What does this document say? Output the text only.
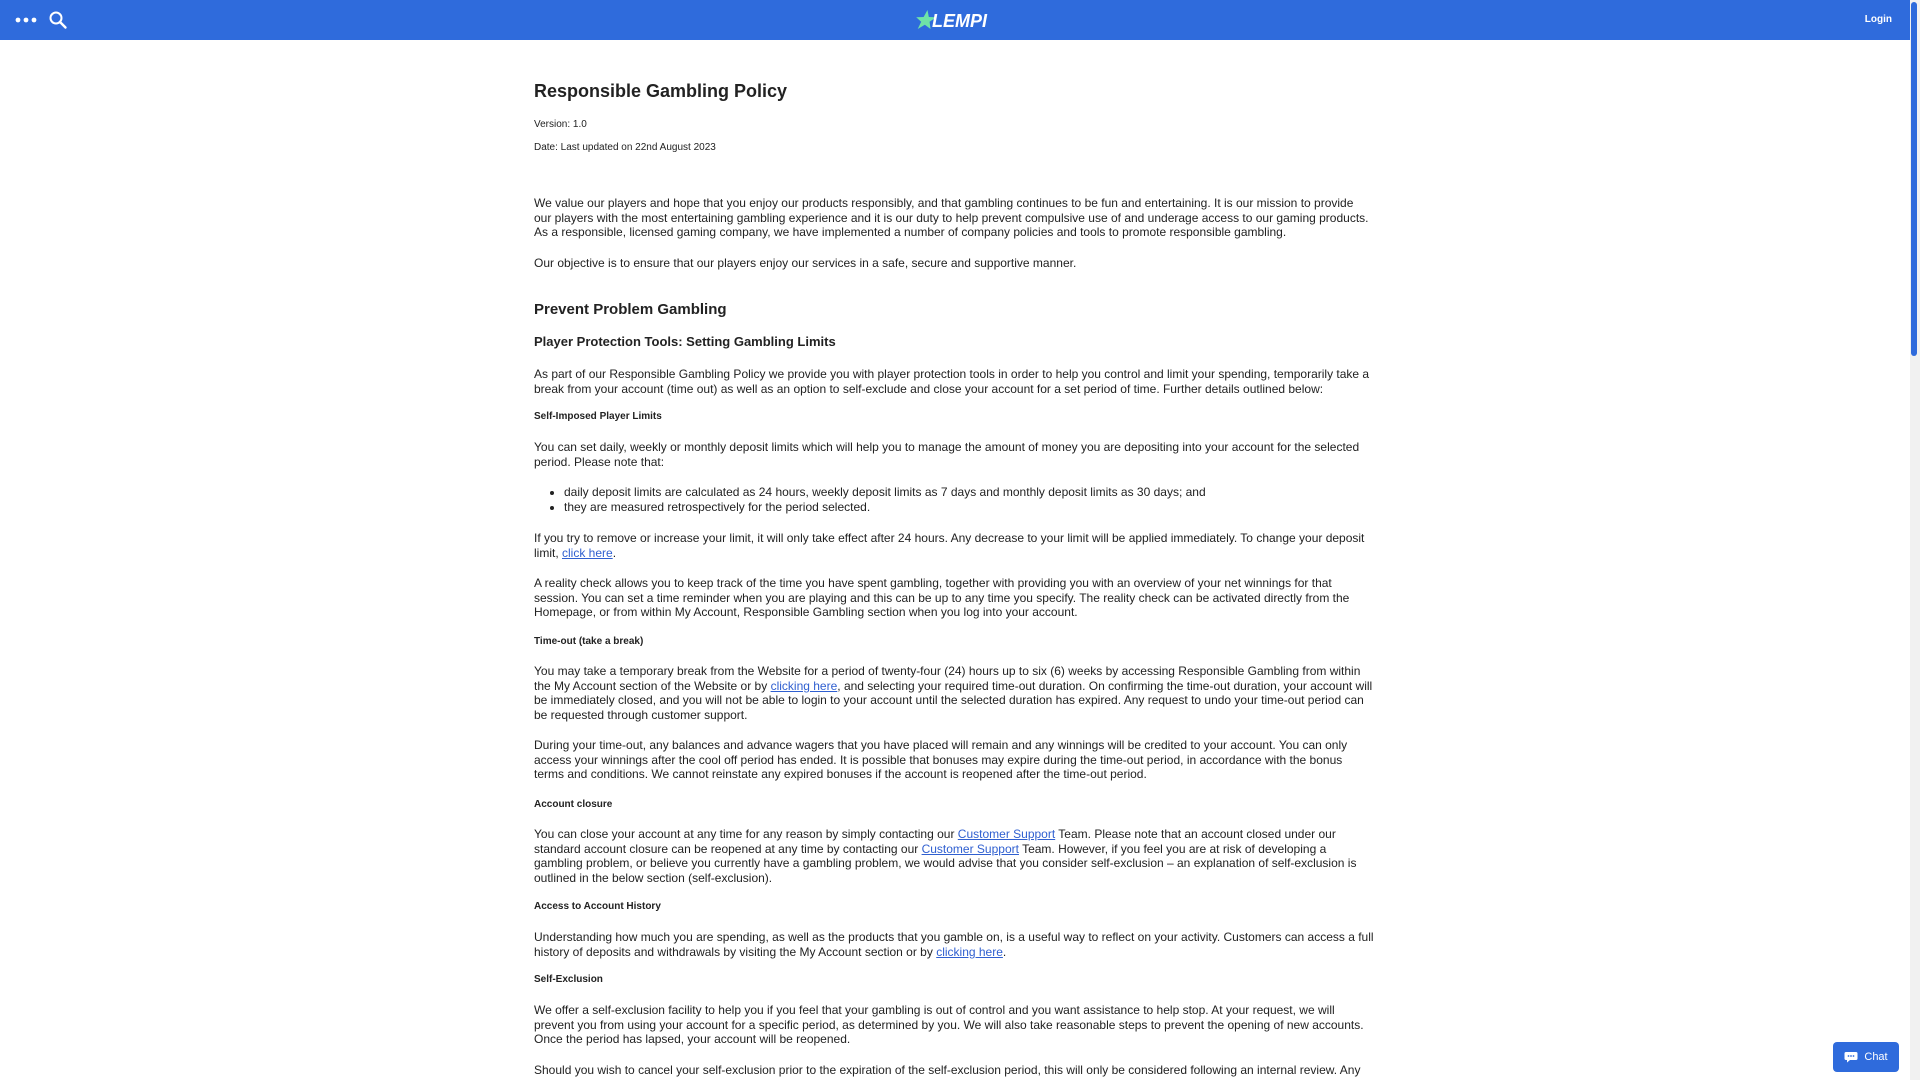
LEMPI	Login
Responsible Gambling Policy

Version: 1.0

Date: Last updated on 22nd August 2023

We value our players and hope that you enjoy our products responsibly, and that gambling continues to be fun and entertaining. It is our mission to provide our players with the most entertaining gambling experience and it is our duty to help prevent compulsive use of and underage access to our gaming products. As a responsible, licensed gaming company, we have implemented a number of company policies and tools to promote responsible gambling.

Our objective is to ensure that our players enjoy our services in a safe, secure and supportive manner.

Prevent Problem Gambling
Player Protection Tools: Setting Gambling Limits

As part of our Responsible Gambling Policy we provide you with player protection tools in order to help you control and limit your spending, temporarily take a break from your account (time out) as well as an option to self-exclude and close your account for a set period of time. Further details outlined below:

Self-Imposed Player Limits

You can set daily, weekly or monthly deposit limits which will help you to manage the amount of money you are depositing into your account for the selected period. Please note that:

• daily deposit limits are calculated as 24 hours, weekly deposit limits as 7 days and monthly deposit limits as 30 days; and
• they are measured retrospectively for the period selected.

If you try to remove or increase your limit, it will only take effect after 24 hours. Any decrease to your limit will be applied immediately. To change your deposit limit, click here.

A reality check allows you to keep track of the time you have spent gambling, together with providing you with an overview of your net winnings for that session. You can set a time reminder when you are playing and this can be up to any time you specify. The reality check can be activated directly from the Homepage, or from within My Account, Responsible Gambling section when you log into your account.

Time-out (take a break)

You may take a temporary break from the Website for a period of twenty-four (24) hours up to six (6) weeks by accessing Responsible Gambling from within the My Account section of the Website or by clicking here, and selecting your required time-out duration. On confirming the time-out duration, your account will be immediately closed, and you will not be able to login to your account until the selected duration has expired. Any request to undo your time-out period can be requested through customer support.

During your time-out, any balances and advance wagers that you have placed will remain and any winnings will be credited to your account. You can only access your winnings after the cool off period has ended. It is possible that bonuses may expire during the time-out period, in accordance with the bonus terms and conditions. We cannot reinstate any expired bonuses if the account is reopened after the time-out period.

Account closure

You can close your account at any time for any reason by simply contacting our Customer Support Team. Please note that an account closed under our standard account closure can be reopened at any time by contacting our Customer Support Team. However, if you feel you are at risk of developing a gambling problem, or believe you currently have a gambling problem, we would advise that you consider self-exclusion – an explanation of self-exclusion is outlined in the below section (self-exclusion).

Access to Account History

Understanding how much you are spending, as well as the products that you gamble on, is a useful way to reflect on your activity. Customers can access a full history of deposits and withdrawals by visiting the My Account section or by clicking here.

Self-Exclusion

We offer a self-exclusion facility to help you if you feel that your gambling is out of control and you want assistance to help stop. At your request, we will prevent you from using your account for a specific period, as determined by you. We will also take reasonable steps to prevent the opening of new accounts. Once the period has lapsed, your account will be reopened.

Should you wish to cancel your self-exclusion prior to the expiration of the self-exclusion period, this will only be considered following an internal review. Any

Chat
